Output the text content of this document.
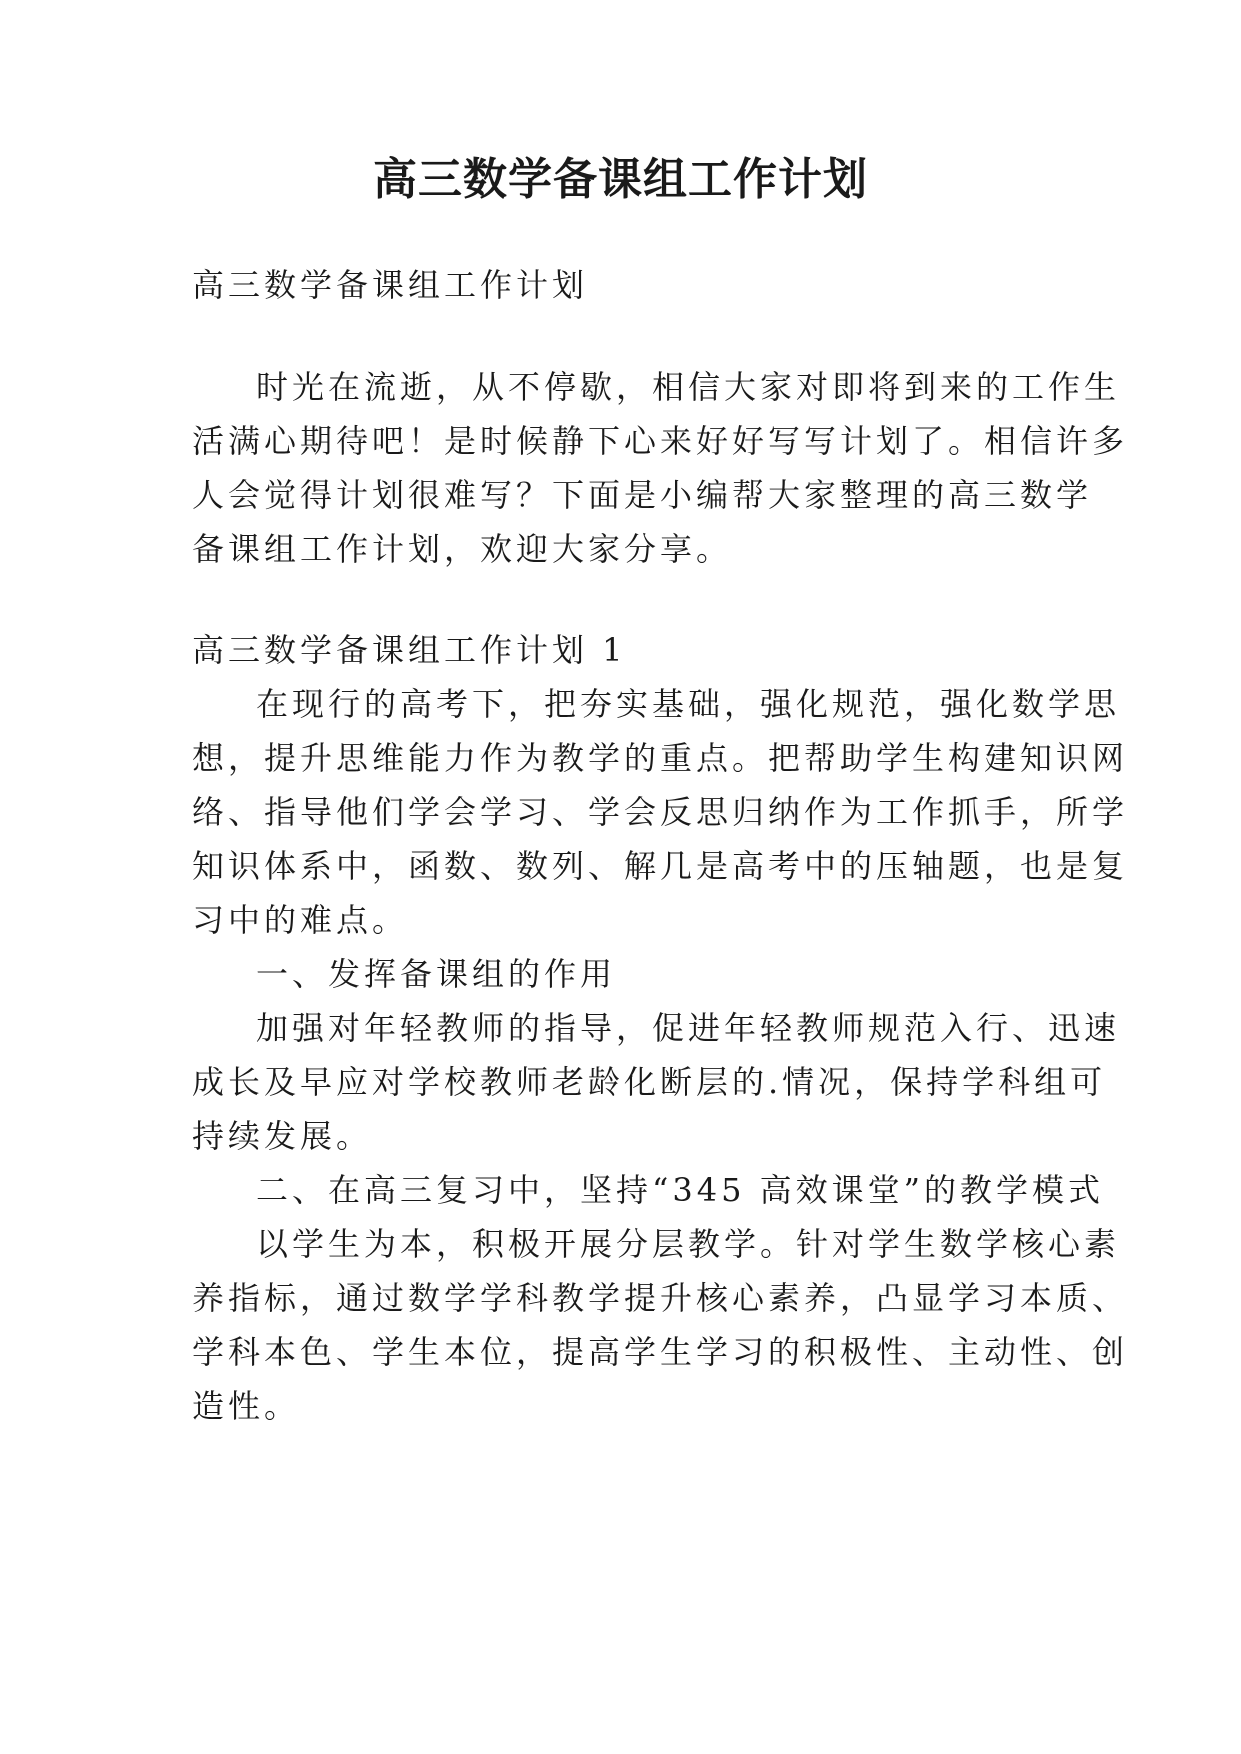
高三数学备课组工作计划
高三数学备课组工作计划
时光在流逝，从不停歇，相信大家对即将到来的工作生
活满心期待吧！是时候静下心来好好写写计划了。相信许多
人会觉得计划很难写？下面是小编帮大家整理的高三数学
备课组工作计划，欢迎大家分享。
高三数学备课组工作计划 1
在现行的高考下，把夯实基础，强化规范，强化数学思
想，提升思维能力作为教学的重点。把帮助学生构建知识网
络、指导他们学会学习、学会反思归纳作为工作抓手，所学
知识体系中，函数、数列、解几是高考中的压轴题，也是复
习中的难点。
一、发挥备课组的作用
加强对年轻教师的指导，促进年轻教师规范入行、迅速
成长及早应对学校教师老龄化断层的.情况，保持学科组可
持续发展。
二、在高三复习中，坚持“345 高效课堂”的教学模式
以学生为本，积极开展分层教学。针对学生数学核心素
养指标，通过数学学科教学提升核心素养，凸显学习本质、
学科本色、学生本位，提高学生学习的积极性、主动性、创
造性。
